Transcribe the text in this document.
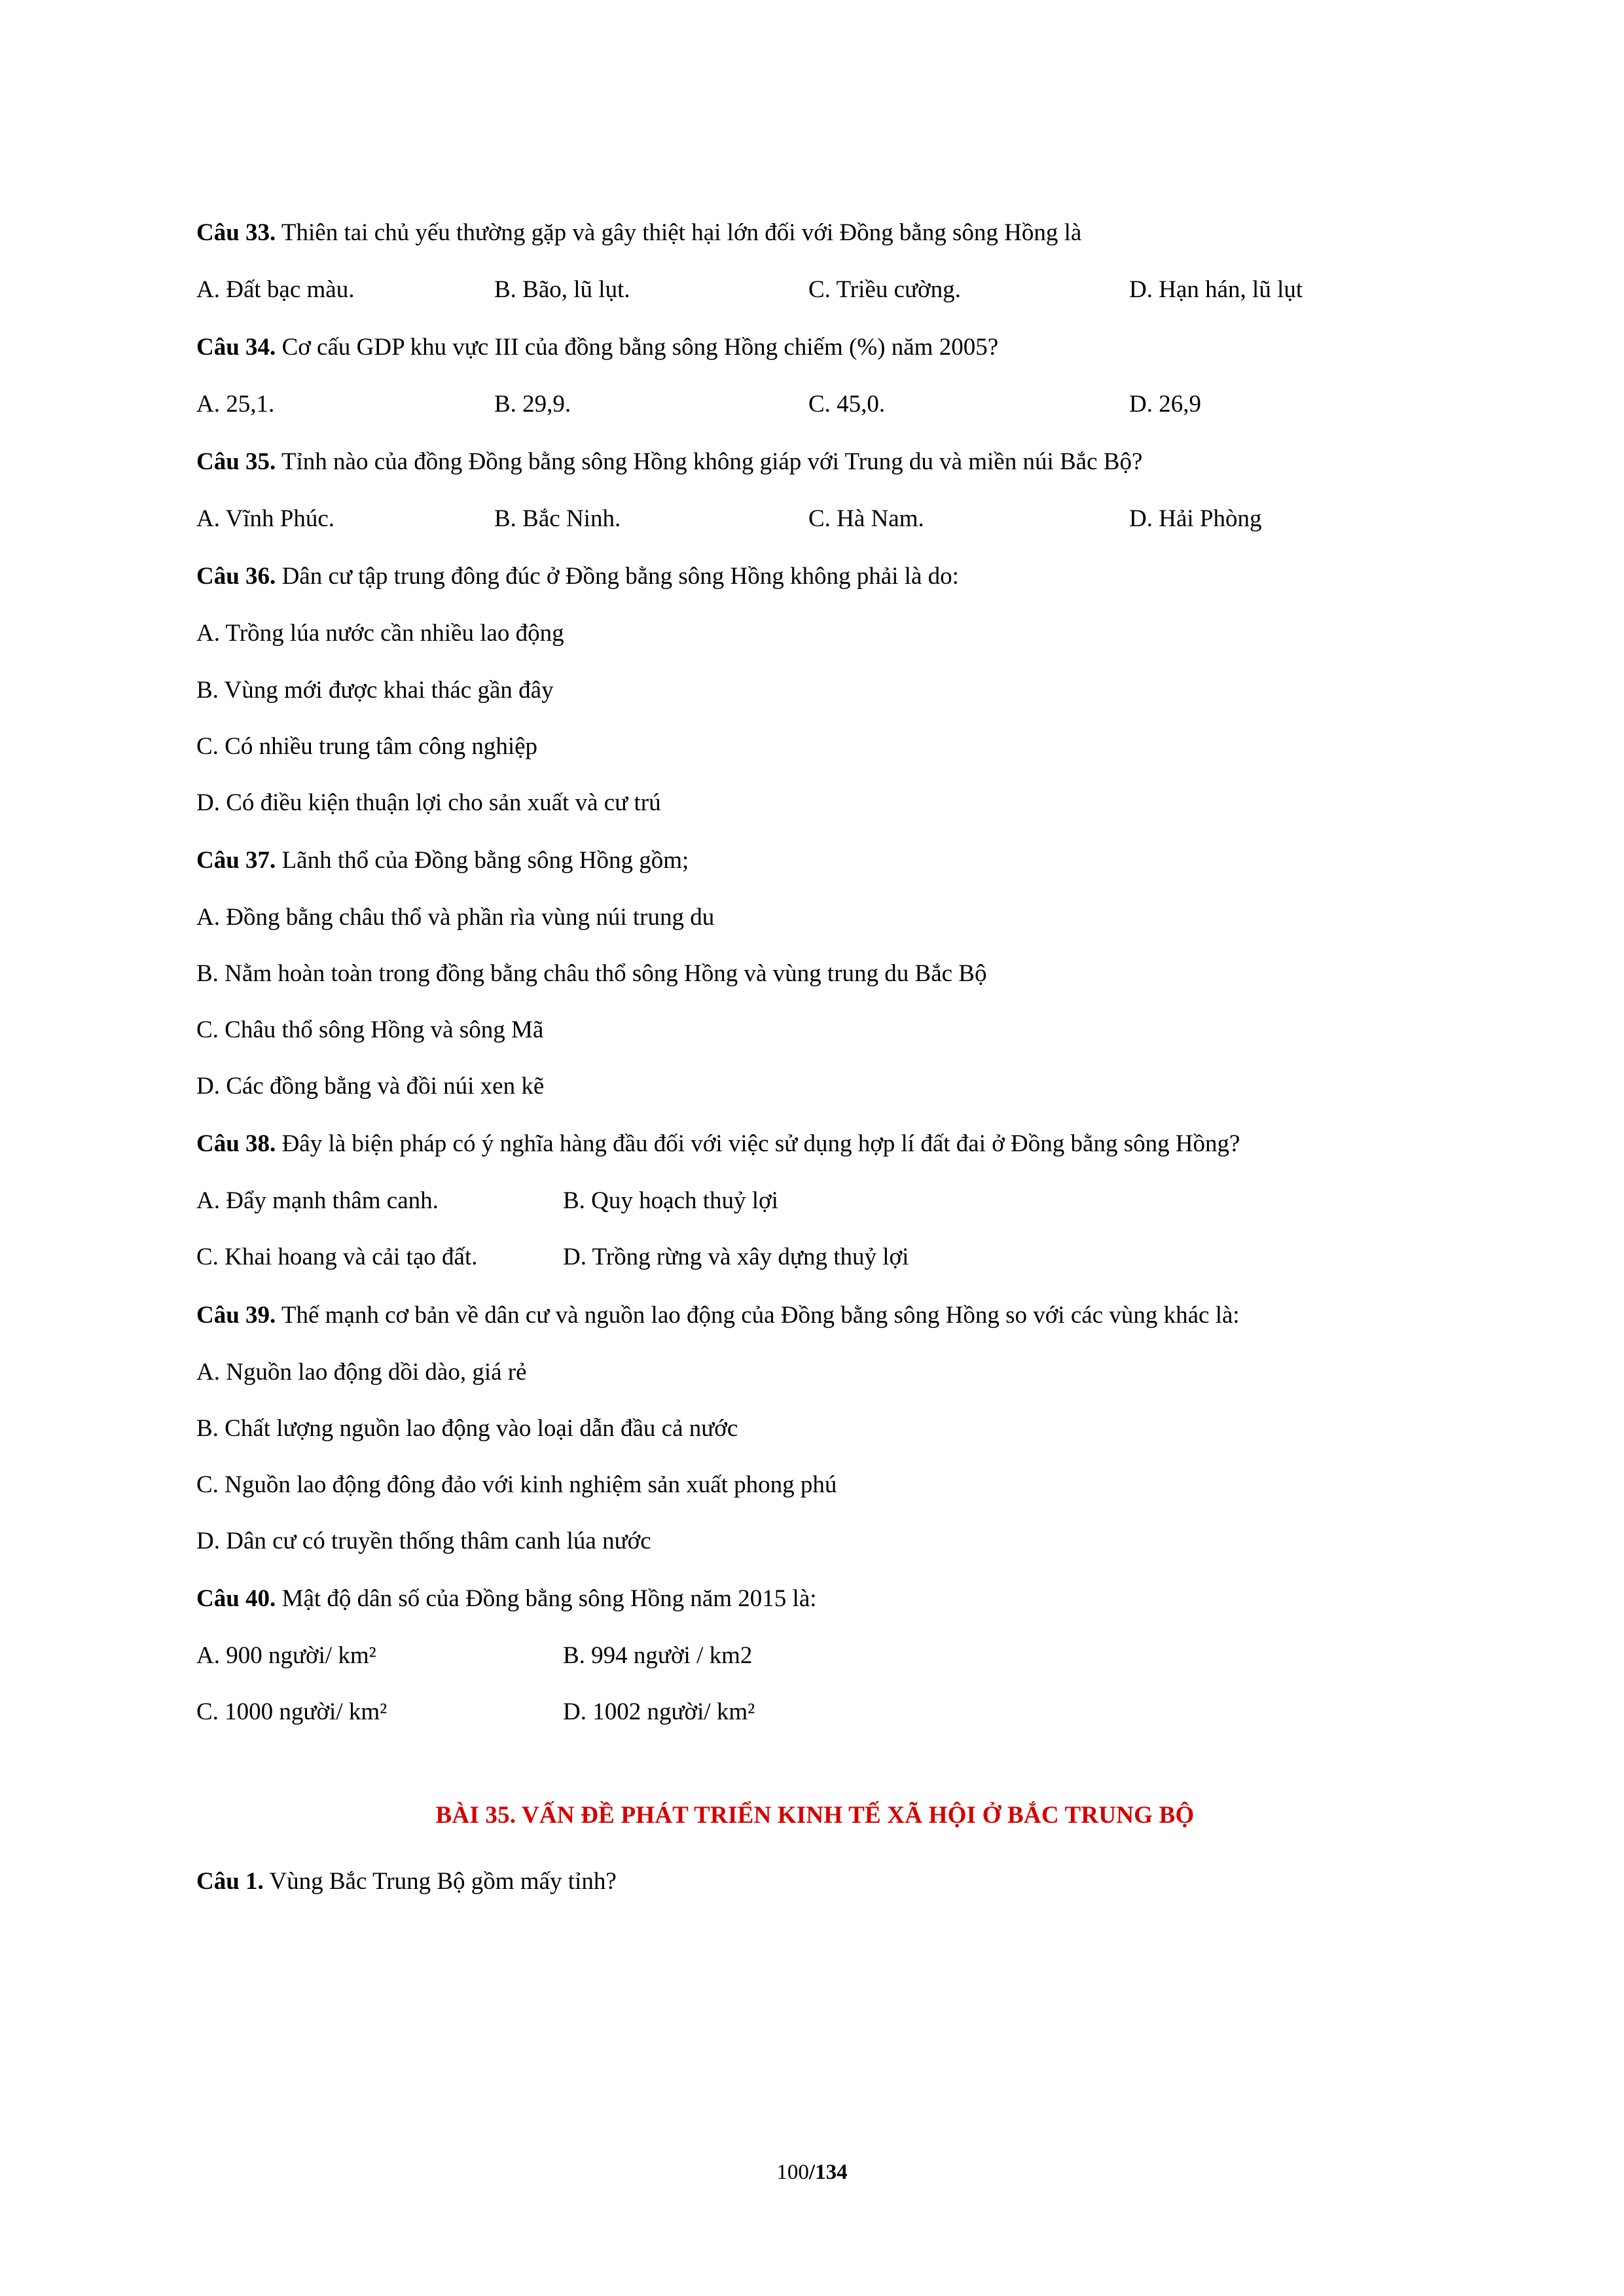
Câu 33. Thiên tai chủ yếu thường gặp và gây thiệt hại lớn đối với Đồng bằng sông Hồng là

A. Đất bạc màu.	B. Bão, lũ lụt.	C. Triều cường.	D. Hạn hán, lũ lụt

Câu 34. Cơ cấu GDP khu vực III của đồng bằng sông Hồng chiếm (%) năm 2005?

A. 25,1.	B. 29,9.	C. 45,0.	D. 26,9

Câu 35. Tỉnh nào của đồng Đồng bằng sông Hồng không giáp với Trung du và miền núi Bắc Bộ?

A. Vĩnh Phúc.	B. Bắc Ninh.	C. Hà Nam.	D. Hải Phòng

Câu 36. Dân cư tập trung đông đúc ở Đồng bằng sông Hồng không phải là do:

A. Trồng lúa nước cần nhiều lao động

B. Vùng mới được khai thác gần đây

C. Có nhiều trung tâm công nghiệp

D. Có điều kiện thuận lợi cho sản xuất và cư trú

Câu 37. Lãnh thổ của Đồng bằng sông Hồng gồm;

A. Đồng bằng châu thổ và phần rìa vùng núi trung du

B. Nằm hoàn toàn trong đồng bằng châu thổ sông Hồng và vùng trung du Bắc Bộ

C. Châu thổ sông Hồng và sông Mã

D. Các đồng bằng và đồi núi xen kẽ

Câu 38. Đây là biện pháp có ý nghĩa hàng đầu đối với việc sử dụng hợp lí đất đai ở Đồng bằng sông Hồng?

A. Đẩy mạnh thâm canh.	B. Quy hoạch thuỷ lợi
C. Khai hoang và cải tạo đất.	D. Trồng rừng và xây dựng thuỷ lợi

Câu 39. Thế mạnh cơ bản về dân cư và nguồn lao động của Đồng bằng sông Hồng so với các vùng khác là:

A. Nguồn lao động dồi dào, giá rẻ

B. Chất lượng nguồn lao động vào loại dẫn đầu cả nước

C. Nguồn lao động đông đảo với kinh nghiệm sản xuất phong phú

D. Dân cư có truyền thống thâm canh lúa nước

Câu 40. Mật độ dân số của Đồng bằng sông Hồng năm 2015 là:

A. 900 người/ km²	B. 994 người / km2
C. 1000 người/ km²	D. 1002 người/ km²
BÀI 35. VẤN ĐỀ PHÁT TRIỂN KINH TẾ XÃ HỘI Ở BẮC TRUNG BỘ

Câu 1. Vùng Bắc Trung Bộ gồm mấy tỉnh?

100/134
